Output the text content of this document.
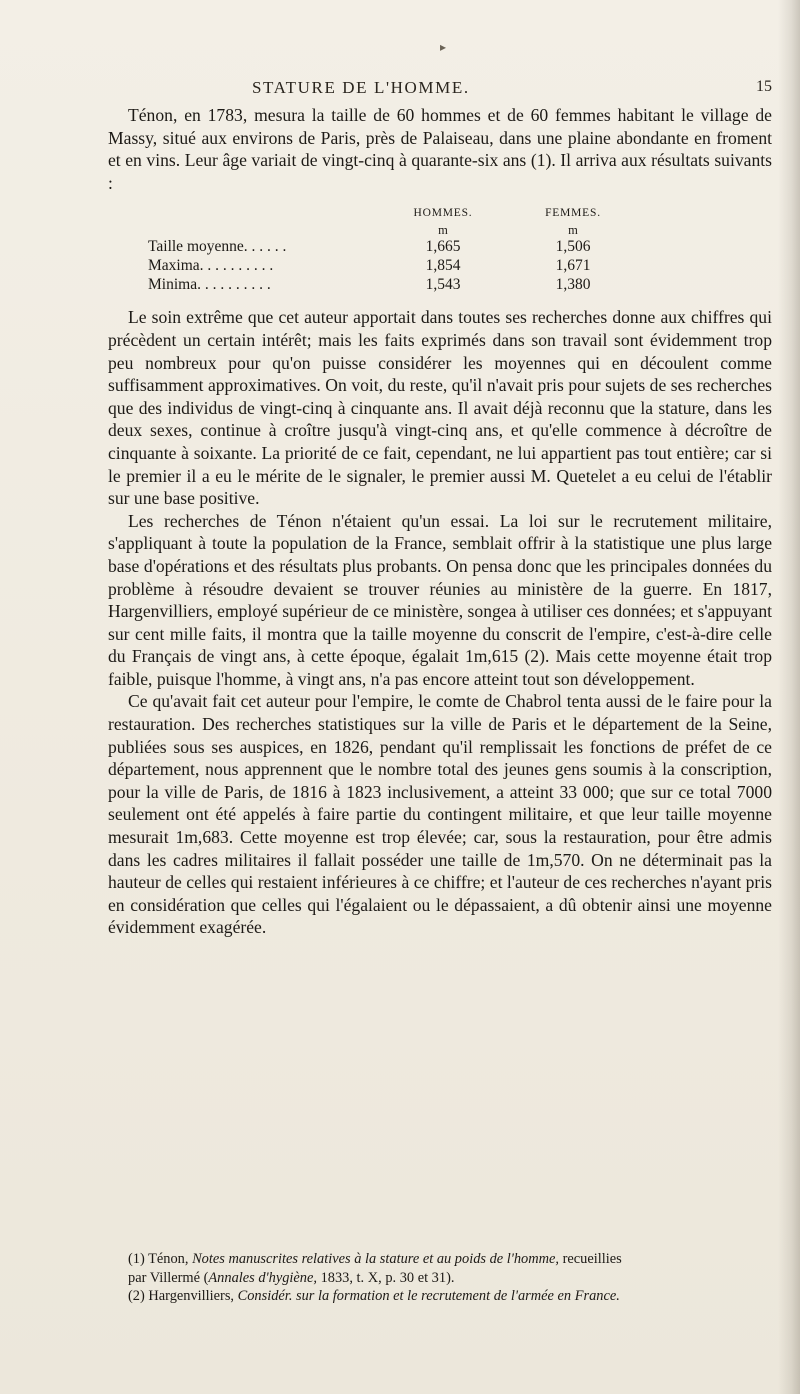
▸
STATURE DE L'HOMME.	15

Ténon, en 1783, mesura la taille de 60 hommes et de 60 femmes habitant le village de Massy, situé aux environs de Paris, près de Palaiseau, dans une plaine abondante en froment et en vins. Leur âge variait de vingt-cinq à quarante-six ans (1). Il arriva aux résultats suivants :

	HOMMES.	FEMMES.
	m	m
Taille moyenne. . . . . .	1,665	1,506
Maxima. . . . . . . . . .	1,854	1,671
Minima. . . . . . . . . .	1,543	1,380

Le soin extrême que cet auteur apportait dans toutes ses recherches donne aux chiffres qui précèdent un certain intérêt; mais les faits exprimés dans son travail sont évidemment trop peu nombreux pour qu'on puisse considérer les moyennes qui en découlent comme suffisamment approximatives. On voit, du reste, qu'il n'avait pris pour sujets de ses recherches que des individus de vingt-cinq à cinquante ans. Il avait déjà reconnu que la stature, dans les deux sexes, continue à croître jusqu'à vingt-cinq ans, et qu'elle commence à décroître de cinquante à soixante. La priorité de ce fait, cependant, ne lui appartient pas tout entière; car si le premier il a eu le mérite de le signaler, le premier aussi M. Quetelet a eu celui de l'établir sur une base positive.

Les recherches de Ténon n'étaient qu'un essai. La loi sur le recrutement militaire, s'appliquant à toute la population de la France, semblait offrir à la statistique une plus large base d'opérations et des résultats plus probants. On pensa donc que les principales données du problème à résoudre devaient se trouver réunies au ministère de la guerre. En 1817, Hargenvilliers, employé supérieur de ce ministère, songea à utiliser ces données; et s'appuyant sur cent mille faits, il montra que la taille moyenne du conscrit de l'empire, c'est-à-dire celle du Français de vingt ans, à cette époque, égalait 1m,615 (2). Mais cette moyenne était trop faible, puisque l'homme, à vingt ans, n'a pas encore atteint tout son développement.

Ce qu'avait fait cet auteur pour l'empire, le comte de Chabrol tenta aussi de le faire pour la restauration. Des recherches statistiques sur la ville de Paris et le département de la Seine, publiées sous ses auspices, en 1826, pendant qu'il remplissait les fonctions de préfet de ce département, nous apprennent que le nombre total des jeunes gens soumis à la conscription, pour la ville de Paris, de 1816 à 1823 inclusivement, a atteint 33 000; que sur ce total 7000 seulement ont été appelés à faire partie du contingent militaire, et que leur taille moyenne mesurait 1m,683. Cette moyenne est trop élevée; car, sous la restauration, pour être admis dans les cadres militaires il fallait posséder une taille de 1m,570. On ne déterminait pas la hauteur de celles qui restaient inférieures à ce chiffre; et l'auteur de ces recherches n'ayant pris en considération que celles qui l'égalaient ou le dépassaient, a dû obtenir ainsi une moyenne évidemment exagérée.

(1) Ténon, Notes manuscrites relatives à la stature et au poids de l'homme, recueillies

par Villermé (Annales d'hygiène, 1833, t. X, p. 30 et 31).

(2) Hargenvilliers, Considér. sur la formation et le recrutement de l'armée en France.
